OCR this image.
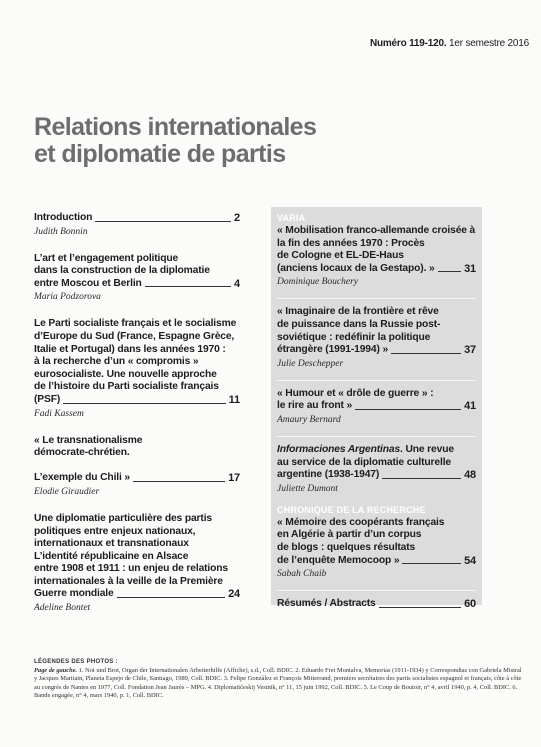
Numéro 119-120. 1er semestre 2016
Relations internationales
et diplomatie de partis
Introduction	2
Judith Bonnin
L’art et l’engagement politique
dans la construction de la diplomatie
entre Moscou et Berlin	4
Maria Podzorova
Le Parti socialiste français et le socialisme
d’Europe du Sud (France, Espagne Grèce,
Italie et Portugal) dans les années 1970 :
à la recherche d’un « compromis »
eurosocialiste. Une nouvelle approche
de l’histoire du Parti socialiste français
(PSF)	11
Fadi Kassem
« Le transnationalisme
démocrate-chrétien.

L’exemple du Chili »	17
Elodie Giraudier
Une diplomatie particulière des partis
politiques entre enjeux nationaux,
internationaux et transnationaux
L’identité républicaine en Alsace
entre 1908 et 1911 : un enjeu de relations
internationales à la veille de la Première
Guerre mondiale	24
Adeline Bontet
VARIA
« Mobilisation franco-allemande croisée à
la fin des années 1970 : Procès
de Cologne et EL-DE-Haus
(anciens locaux de la Gestapo). »	31
Dominique Bouchery
« Imaginaire de la frontière et rêve
de puissance dans la Russie post-
soviétique : redéfinir la politique
étrangère (1991-1994) »	37
Julie Deschepper
« Humour et « drôle de guerre » :
le rire au front »	41
Amaury Bernard
Informaciones Argentinas. Une revue
au service de la diplomatie culturelle
argentine (1938-1947)	48
Juliette Dumont
CHRONIQUE DE LA RECHERCHE
« Mémoire des coopérants français
en Algérie à partir d’un corpus
de blogs : quelques résultats
de l’enquête Memocoop »	54
Sabah Chaib
Résumés / Abstracts	60
LÉGENDES DES PHOTOS :
Page de gauche. 1. Not und Brot, Organ der Internationalen Arbeiterhilfe (Affiche), s.d., Coll. BDIC. 2. Eduardo Frei Montalva, Memorias (1911-1934) y Correspondias con Gabriela Mistral y Jacques Maritain, Planeta Espejo de Chile, Santiago, 1989, Coll. BDIC. 3. Felipe González et François Mitterrand, premiers secrétaires des partis socialistes espagnol et français, côte à côte au congrès de Nantes en 1977, Coll. Fondation Jean Jaurès – MPG. 4. Diplomatičeskij Vestnik, n° 11, 15 juin 1992, Coll. BDIC. 5. Le Coup de Boutoir, n° 4, avril 1940, p. 4, Coll. BDIC. 6. Bande engagée, n° 4, mars 1940, p. 1, Coll. BDIC.
